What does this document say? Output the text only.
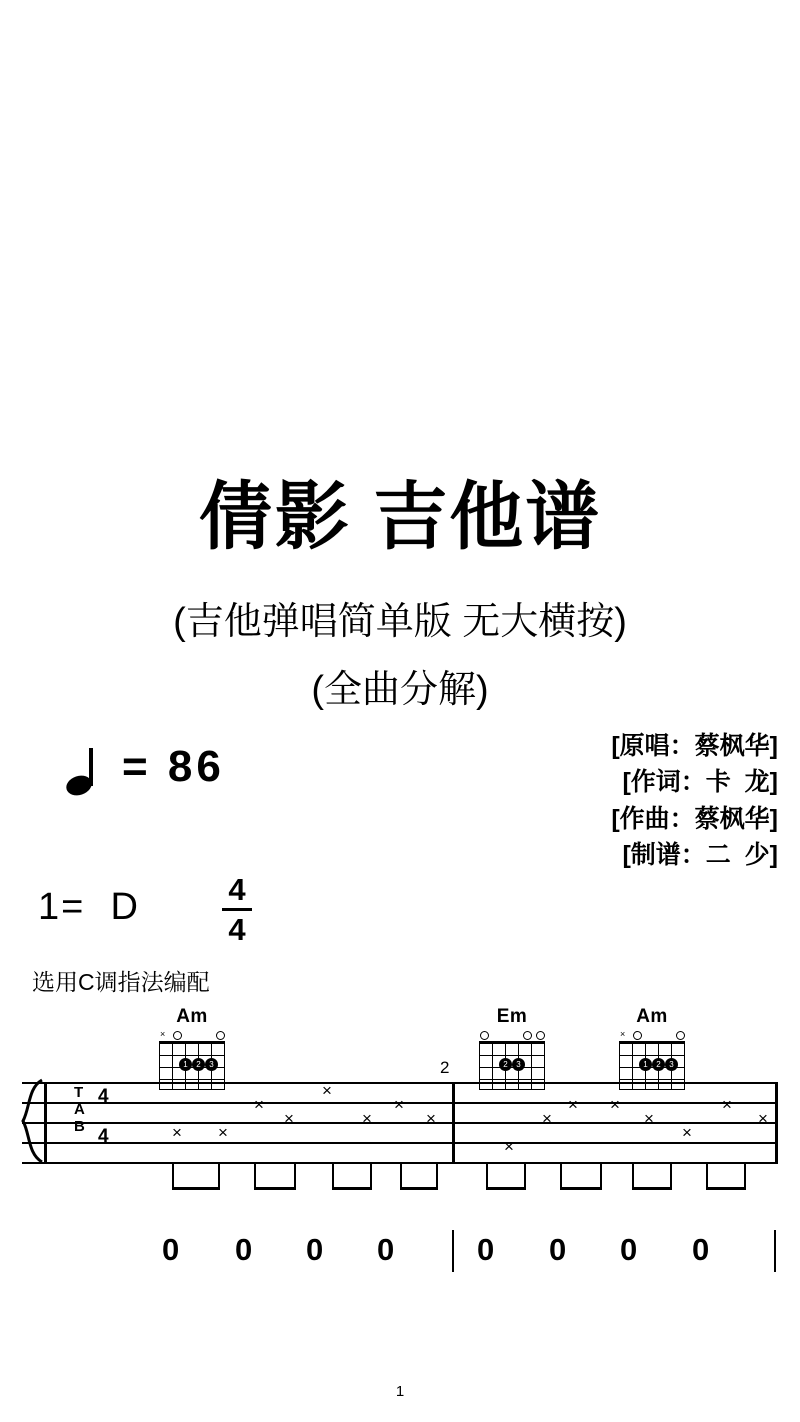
倩影 吉他谱
(吉他弹唱简单版 无大横按)
(全曲分解)
= 86	[原唱：蔡枫华]
[作词：卡  龙]
[作曲：蔡枫华]
[制谱：二  少]
1=  D	4
4
选用C调指法编配
Am
×
1	2	3
Em
2	3
Am
×
1	2	3
T
A
B
4
4
2
× ×
×
×
×
×
×
×
×
×
× ×
×
×
×
×
0 0 0 0	0 0 0 0
1
